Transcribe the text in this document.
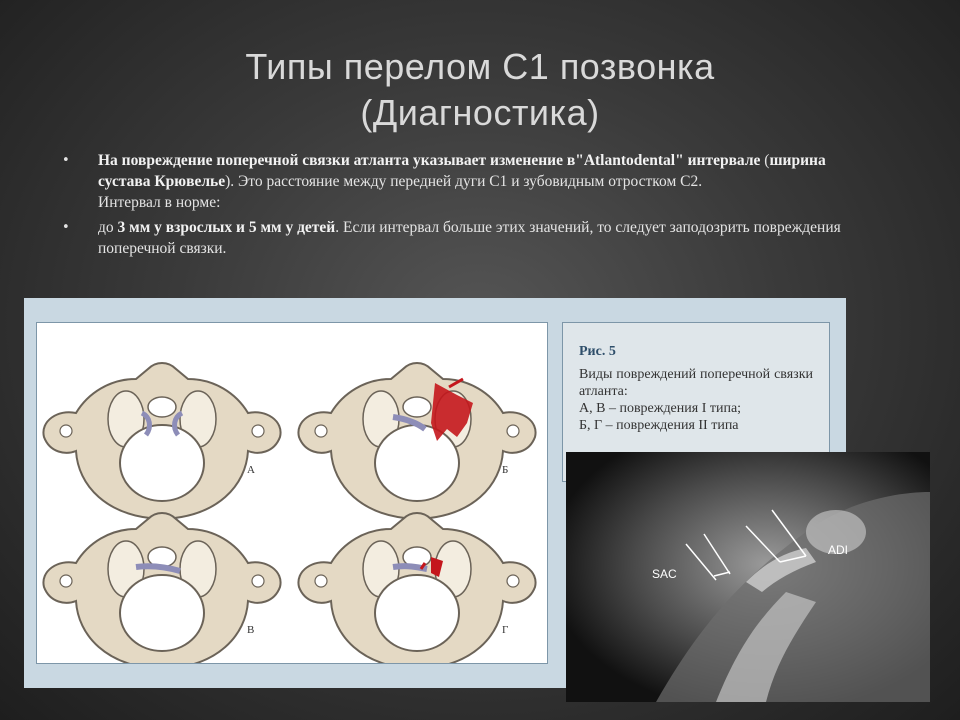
Типы перелом С1 позвонка
(Диагностика)
• На повреждение поперечной связки атланта указывает изменение в"Atlantodental" интервале (ширина сустава Крювелье). Это расстояние между передней дуги С1 и зубовидным отростком С2.
Интервал в норме:
• до 3 мм у взрослых и 5 мм у детей. Если интервал больше этих значений, то следует заподозрить повреждения поперечной связки.
А	Б
В	Г
Рис. 5

Виды повреждений поперечной связки атланта:

А, В – повреждения I типа;

Б, Г – повреждения II типа

SAC
ADI
